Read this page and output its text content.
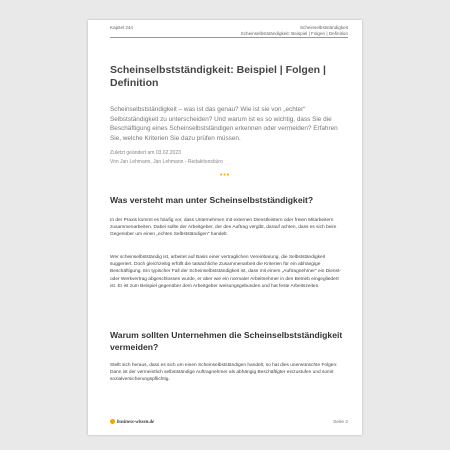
Kapitel 244	Scheinselbstständigkeit
Scheinselbstständigkeit: Beispiel | Folgen | Definition
Scheinselbstständigkeit: Beispiel | Folgen | Definition

Scheinselbstständigkeit – was ist das genau? Wie ist sie von „echter“ Selbstständigkeit zu unterscheiden? Und warum ist es so wichtig, dass Sie die Beschäftigung eines Scheinselbstständigen erkennen oder vermeiden? Erfahren Sie, welche Kriterien Sie dazu prüfen müssen.

Zuletzt geändert am 03.02.2023

Von Jan Lehmann, Jan Lehmann - Redaktionsbüro

•••
Was versteht man unter Scheinselbstständigkeit?

In der Praxis kommt es häufig vor, dass Unternehmen mit externen Dienstleistern oder freien Mitarbeitern zusammenarbeiten. Dabei sollte der Arbeitgeber, der den Auftrag vergibt, darauf achten, dass es sich beim Gegenüber um einen „echten Selbstständigen“ handelt.

Wer scheinselbstständig ist, arbeitet auf Basis einer vertraglichen Vereinbarung, die Selbstständigkeit suggeriert. Doch gleichzeitig erfüllt die tatsächliche Zusammenarbeit die Kriterien für ein abhängige Beschäftigung. Ein typischer Fall der Scheinselbstständigkeit ist, dass mit einem „Auftragnehmer“ ein Dienst- oder Werkvertrag abgeschlossen wurde, er aber wie ein normaler Arbeitnehmer in den Betrieb eingegliedert ist. Er ist zum Beispiel gegenüber dem Arbeitgeber weisungsgebunden und hat feste Arbeitszeiten.

Warum sollten Unternehmen die Scheinselbstständigkeit vermeiden?

Stellt sich heraus, dass es sich um einen Scheinselbstständigen handelt, so hat dies unerwünschte Folgen: Dann ist der vermeintlich selbstständige Auftragnehmer als abhängig Beschäftigter einzustufen und somit sozialversicherungspflichtig.

business-wissen.de	Seite 2
